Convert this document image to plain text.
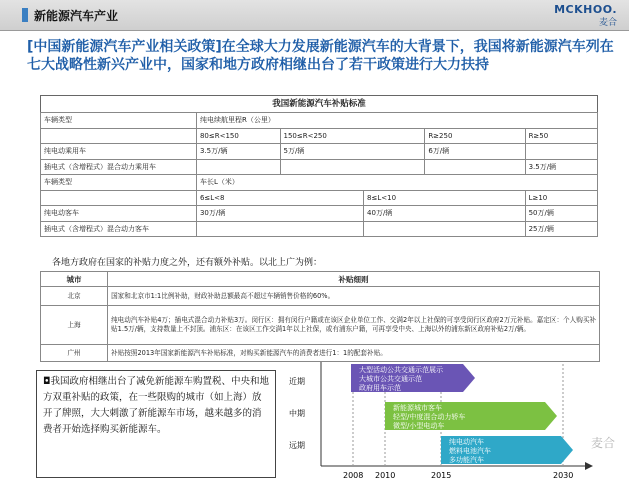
新能源汽车产业	MCKHOO.
麦合
[中国新能源汽车产业相关政策]在全球大力发展新能源汽车的大背景下，我国将新能源汽车列在七大战略性新兴产业中，国家和地方政府相继出台了若干政策进行大力扶持
我国新能源汽车补贴标准
车辆类型	纯电续航里程R（公里）				
	80≤R<150	150≤R<250		R≥250	R≥50
纯电动乘用车	3.5万/辆	5万/辆		6万/辆	
插电式（含增程式）混合动力乘用车					3.5万/辆
车辆类型	车长L（米）				
	6≤L<8		8≤L<10		L≥10
纯电动客车	30万/辆		40万/辆		50万/辆
插电式（含增程式）混合动力客车					25万/辆
各地方政府在国家的补贴力度之外，还有额外补贴。以北上广为例：
城市	补贴细则
北京	国家和北京市1:1比例补助，财政补助总额最高不超过车辆销售价格的60%。
上海	纯电动汽车补贴4万；插电式混合动力补贴3万。闵行区：拥有闵行户籍或在该区企业单位工作、交满2年以上社保的可享受闵行区政府2万元补贴。嘉定区：个人购买补贴1.5万/辆，支持数量上不封顶。浦东区：在该区工作交满1年以上社保，或有浦东户籍，可再享受中央、上海以外的浦东新区政府补贴2万/辆。
广州	补贴按照2013年国家新能源汽车补贴标准，对购买新能源汽车的消费者进行1：1的配套补贴。
◘我国政府相继出台了减免新能源车购置税、中央和地方双重补贴的政策，在一些限购的城市（如上海）放开了牌照，大大刺激了新能源车市场，越来越多的消费者开始选择购买新能源车。
近期
中期
远期
2008 2010	2015	2030
大型活动公共交通示范展示
大城市公共交通示范
政府用车示范
新能源城市客车
轻型/中度混合动力轿车
微型/小型电动车
纯电动汽车
燃料电池汽车
多功能汽车
麦合
